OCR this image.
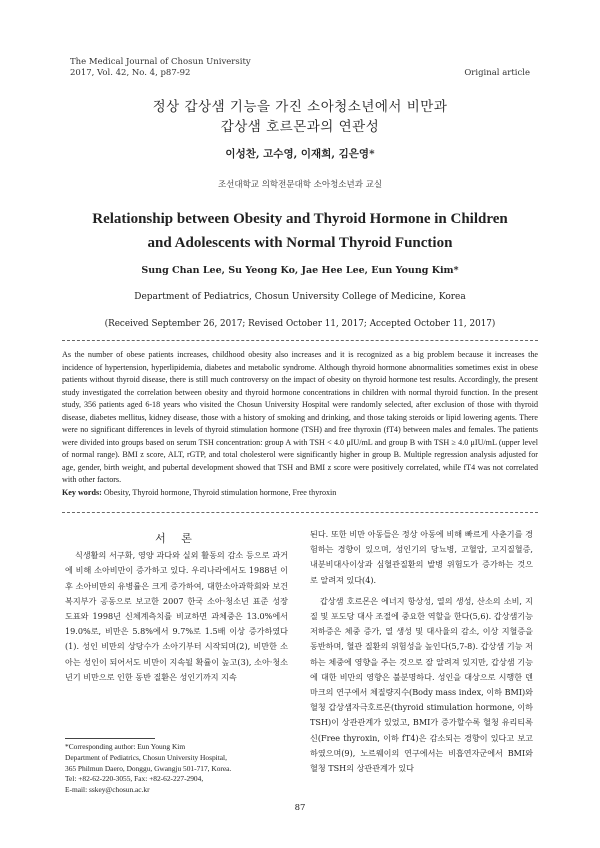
The Medical Journal of Chosun University
2017, Vol. 42, No. 4, p87-92	Original article
정상 갑상샘 기능을 가진 소아청소년에서 비만과
갑상샘 호르몬과의 연관성
이성찬, 고수영, 이재희, 김은영*
조선대학교 의학전문대학 소아청소년과 교실
Relationship between Obesity and Thyroid Hormone in Children
and Adolescents with Normal Thyroid Function
Sung Chan Lee, Su Yeong Ko, Jae Hee Lee, Eun Young Kim*
Department of Pediatrics, Chosun University College of Medicine, Korea
(Received September 26, 2017; Revised October 11, 2017; Accepted October 11, 2017)
As the number of obese patients increases, childhood obesity also increases and it is recognized as a big problem because it increases the incidence of hypertension, hyperlipidemia, diabetes and metabolic syndrome. Although thyroid hormone abnormalities sometimes exist in obese patients without thyroid disease, there is still much controversy on the impact of obesity on thyroid hormone test results. Accordingly, the present study investigated the correlation between obesity and thyroid hormone concentrations in children with normal thyroid function. In the present study, 356 patients aged 6-18 years who visited the Chosun University Hospital were randomly selected, after exclusion of those with thyroid disease, diabetes mellitus, kidney disease, those with a history of smoking and drinking, and those taking steroids or lipid lowering agents. There were no significant differences in levels of thyroid stimulation hormone (TSH) and free thyroxin (fT4) between males and females. The patients were divided into groups based on serum TSH concentration: group A with TSH < 4.0 μIU/mL and group B with TSH ≥ 4.0 μIU/mL (upper level of normal range). BMI z score, ALT, rGTP, and total cholesterol were significantly higher in group B. Multiple regression analysis adjusted for age, gender, birth weight, and pubertal development showed that TSH and BMI z score were positively correlated, while fT4 was not correlated with other factors.
Key words: Obesity, Thyroid hormone, Thyroid stimulation hormone, Free thyroxin
서 론

식생활의 서구화, 영양 과다와 실외 활동의 감소 등으로 과거에 비해 소아비만이 증가하고 있다. 우리나라에서도 1988년 이후 소아비만의 유병률은 크게 증가하여, 대한소아과학회와 보건복지부가 공동으로 보고한 2007 한국 소아·청소년 표준 성장 도표와 1998년 신체계측치를 비교하면 과체중은 13.0%에서 19.0%로, 비만은 5.8%에서 9.7%로 1.5배 이상 증가하였다(1). 성인 비만의 상당수가 소아기부터 시작되며(2), 비만한 소아는 성인이 되어서도 비만이 지속될 확률이 높고(3), 소아·청소년기 비만으로 인한 동반 질환은 성인기까지 지속

된다. 또한 비만 아동들은 정상 아동에 비해 빠르게 사춘기를 경험하는 경향이 있으며, 성인기의 당뇨병, 고혈압, 고지질혈증, 내분비대사이상과 심혈관질환의 발병 위험도가 증가하는 것으로 알려져 있다(4).

갑상샘 호르몬은 에너지 항상성, 열의 생성, 산소의 소비, 지질 및 포도당 대사 조절에 중요한 역할을 한다(5,6). 갑상샘기능저하증은 체중 증가, 열 생성 및 대사율의 감소, 이상 지혈증을 동반하며, 혈관 질환의 위험성을 높인다(5,7-8). 갑상샘 기능 저하는 체중에 영향을 주는 것으로 잘 알려져 있지만, 갑상샘 기능에 대한 비만의 영향은 불분명하다. 성인을 대상으로 시행한 덴마크의 연구에서 체질량지수(Body mass index, 이하 BMI)와 혈청 갑상샘자극호르몬(thyroid stimulation hormone, 이하 TSH)이 상관관계가 있었고, BMI가 증가할수록 혈청 유리티록신(Free thyroxin, 이하 fT4)은 감소되는 경향이 있다고 보고하였으며(9), 노르웨이의 연구에서는 비흡연자군에서 BMI와 혈청 TSH의 상관관계가 있다

*Corresponding author: Eun Young Kim
Department of Pediatrics, Chosun University Hospital,
365 Philmun Daero, Donggu, Gwangju 501-717, Korea.
Tel: +82-62-220-3055, Fax: +82-62-227-2904,
E-mail: sskey@chosun.ac.kr
87
